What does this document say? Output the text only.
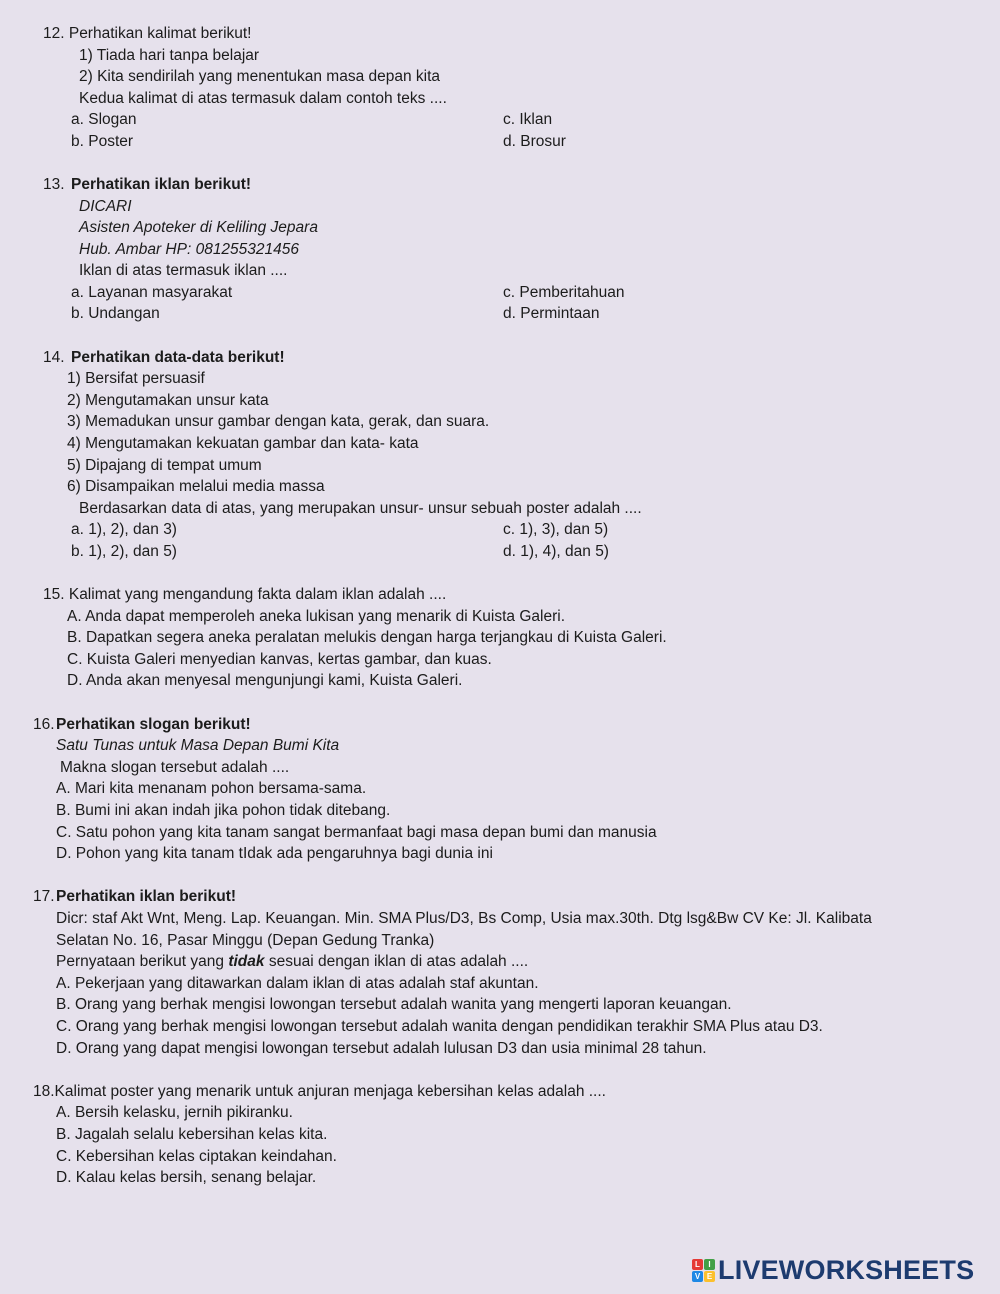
12. Perhatikan kalimat berikut!
1) Tiada hari tanpa belajar
2) Kita sendirilah yang menentukan masa depan kita
Kedua kalimat di atas termasuk dalam contoh teks ....
a. Slogan
b. Poster
c. Iklan
d. Brosur
13. Perhatikan iklan berikut!
DICARI
Asisten Apoteker di Keliling Jepara
Hub. Ambar HP: 081255321456
Iklan di atas termasuk iklan ....
a. Layanan masyarakat
b. Undangan
c. Pemberitahuan
d. Permintaan
14. Perhatikan data-data berikut!
1) Bersifat persuasif
2) Mengutamakan unsur kata
3) Memadukan unsur gambar dengan kata, gerak, dan suara.
4) Mengutamakan kekuatan gambar dan kata- kata
5) Dipajang di tempat umum
6) Disampaikan melalui media massa
Berdasarkan data di atas, yang merupakan unsur- unsur sebuah poster adalah ....
a. 1), 2), dan 3)
b. 1), 2), dan 5)
c. 1), 3), dan 5)
d. 1), 4), dan 5)
15. Kalimat yang mengandung fakta dalam iklan adalah ....
A. Anda dapat memperoleh aneka lukisan yang menarik di Kuista Galeri.
B. Dapatkan segera aneka peralatan melukis dengan harga terjangkau di Kuista Galeri.
C. Kuista Galeri menyedian kanvas, kertas gambar, dan kuas.
D. Anda akan menyesal mengunjungi kami, Kuista Galeri.
16. Perhatikan slogan berikut!
Satu Tunas untuk Masa Depan Bumi Kita
Makna slogan tersebut adalah ....
A. Mari kita menanam pohon bersama-sama.
B. Bumi ini akan indah jika pohon tidak ditebang.
C. Satu pohon yang kita tanam sangat bermanfaat bagi masa depan bumi dan manusia
D. Pohon yang kita tanam tIdak ada pengaruhnya bagi dunia ini
17. Perhatikan iklan berikut!
Dicr: staf Akt Wnt, Meng. Lap. Keuangan. Min. SMA Plus/D3, Bs Comp, Usia max.30th. Dtg lsg&Bw CV Ke: Jl. Kalibata
Selatan No. 16, Pasar Minggu (Depan Gedung Tranka)
Pernyataan berikut yang tidak sesuai dengan iklan di atas adalah ....
A. Pekerjaan yang ditawarkan dalam iklan di atas adalah staf akuntan.
B. Orang yang berhak mengisi lowongan tersebut adalah wanita yang mengerti laporan keuangan.
C. Orang yang berhak mengisi lowongan tersebut adalah wanita dengan pendidikan terakhir SMA Plus atau D3.
D. Orang yang dapat mengisi lowongan tersebut adalah lulusan D3 dan usia minimal 28 tahun.
18.Kalimat poster yang menarik untuk anjuran menjaga kebersihan kelas adalah ....
A. Bersih kelasku, jernih pikiranku.
B. Jagalah selalu kebersihan kelas kita.
C. Kebersihan kelas ciptakan keindahan.
D. Kalau kelas bersih, senang belajar.
L	I
V E LIVEWORKSHEETS
